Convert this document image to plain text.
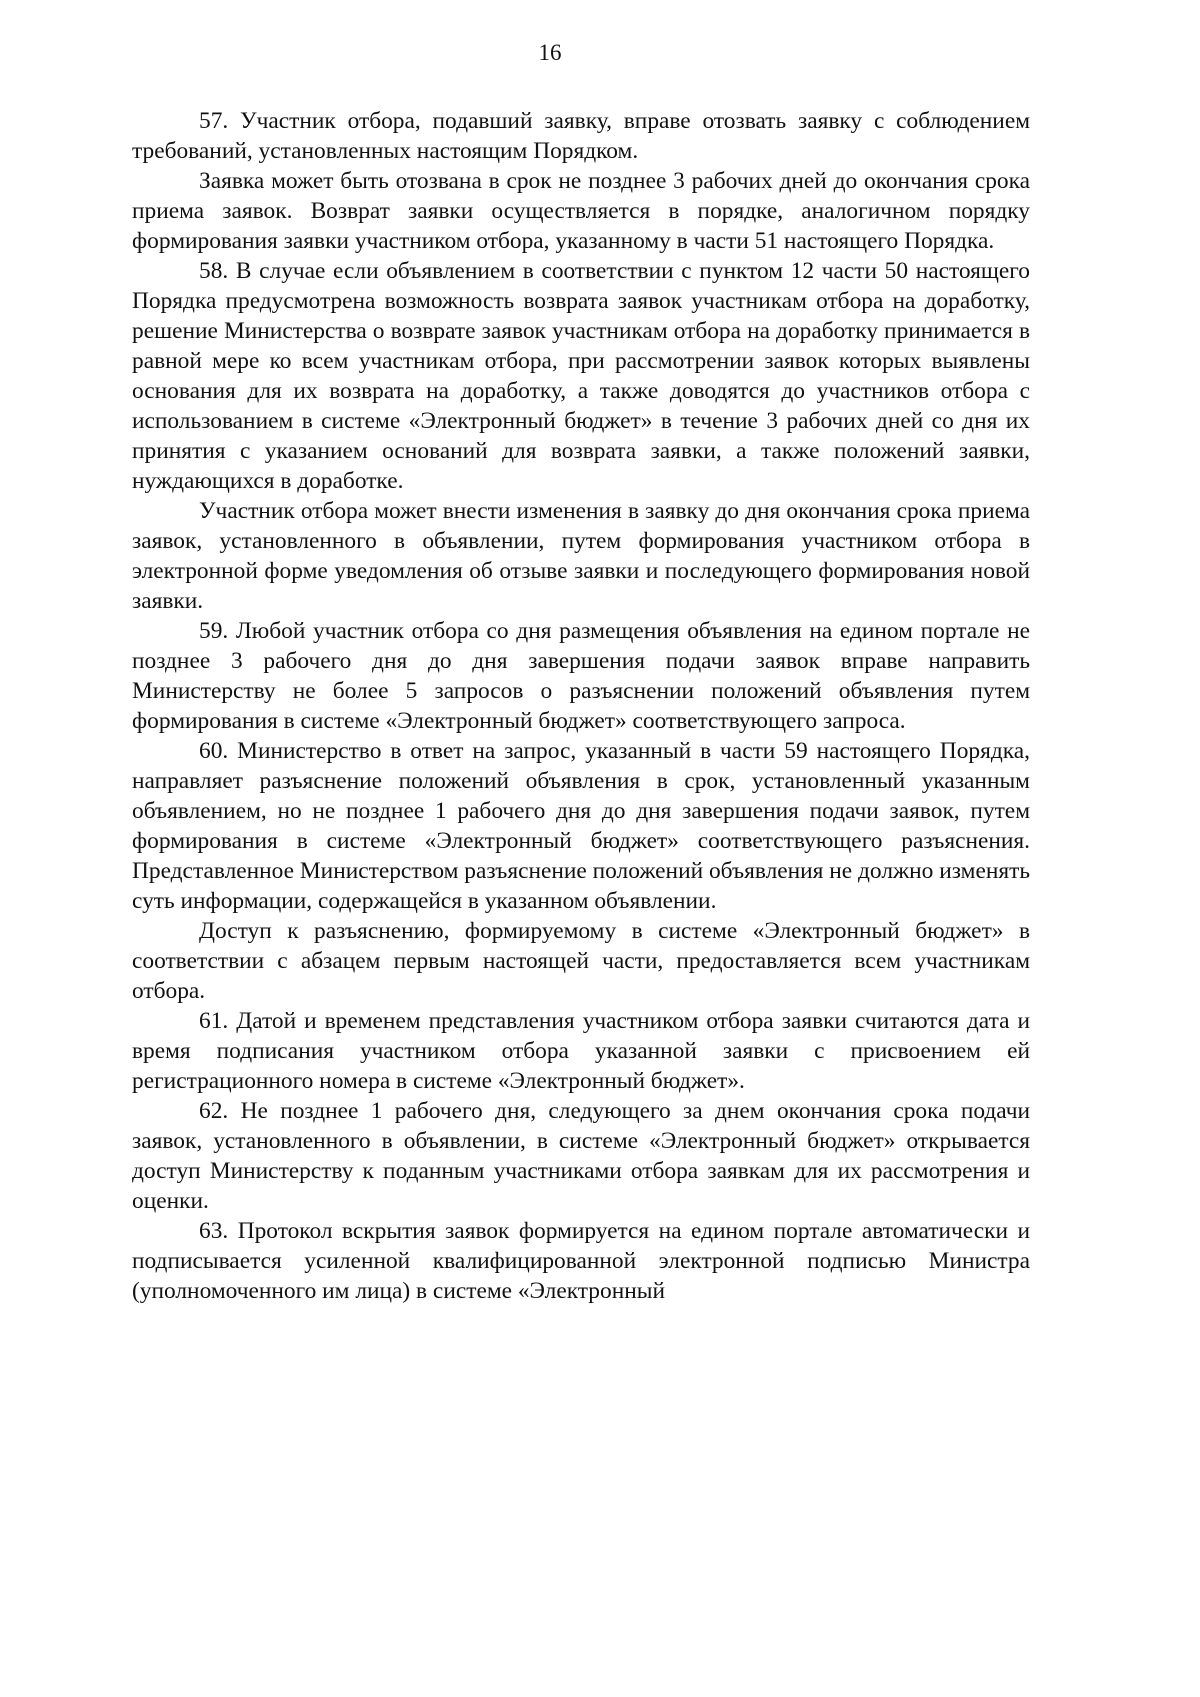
16

57. Участник отбора, подавший заявку, вправе отозвать заявку с соблюдением требований, установленных настоящим Порядком.

Заявка может быть отозвана в срок не позднее 3 рабочих дней до окончания срока приема заявок. Возврат заявки осуществляется в порядке, аналогичном порядку формирования заявки участником отбора, указанному в части 51 настоящего Порядка.

58. В случае если объявлением в соответствии с пунктом 12 части 50 настоящего Порядка предусмотрена возможность возврата заявок участникам отбора на доработку, решение Министерства о возврате заявок участникам отбора на доработку принимается в равной мере ко всем участникам отбора, при рассмотрении заявок которых выявлены основания для их возврата на доработку, а также доводятся до участников отбора с использованием в системе «Электронный бюджет» в течение 3 рабочих дней со дня их принятия с указанием оснований для возврата заявки, а также положений заявки, нуждающихся в доработке.

Участник отбора может внести изменения в заявку до дня окончания срока приема заявок, установленного в объявлении, путем формирования участником отбора в электронной форме уведомления об отзыве заявки и последующего формирования новой заявки.

59. Любой участник отбора со дня размещения объявления на едином портале не позднее 3 рабочего дня до дня завершения подачи заявок вправе направить Министерству не более 5 запросов о разъяснении положений объявления путем формирования в системе «Электронный бюджет» соответствующего запроса.

60. Министерство в ответ на запрос, указанный в части 59 настоящего Порядка, направляет разъяснение положений объявления в срок, установленный указанным объявлением, но не позднее 1 рабочего дня до дня завершения подачи заявок, путем формирования в системе «Электронный бюджет» соответствующего разъяснения. Представленное Министерством разъяснение положений объявления не должно изменять суть информации, содержащейся в указанном объявлении.

Доступ к разъяснению, формируемому в системе «Электронный бюджет» в соответствии с абзацем первым настоящей части, предоставляется всем участникам отбора.

61. Датой и временем представления участником отбора заявки считаются дата и время подписания участником отбора указанной заявки с присвоением ей регистрационного номера в системе «Электронный бюджет».

62. Не позднее 1 рабочего дня, следующего за днем окончания срока подачи заявок, установленного в объявлении, в системе «Электронный бюджет» открывается доступ Министерству к поданным участниками отбора заявкам для их рассмотрения и оценки.

63. Протокол вскрытия заявок формируется на едином портале автоматически и подписывается усиленной квалифицированной электронной подписью Министра (уполномоченного им лица) в системе «Электронный
